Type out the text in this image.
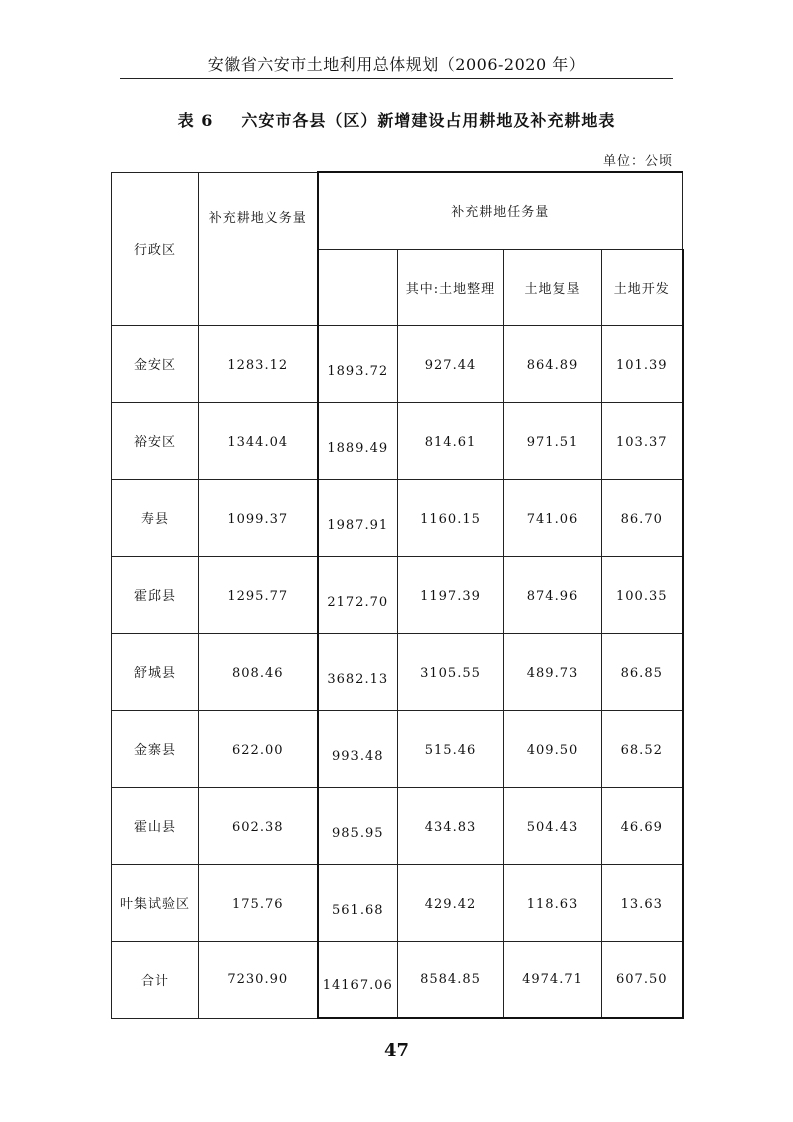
安徽省六安市土地利用总体规划（2006-2020 年）
表 6 六安市各县（区）新增建设占用耕地及补充耕地表
单位：公顷
行政区	补充耕地义务量	补充耕地任务量			
			其中:土地整理	土地复垦	土地开发
金安区	1283.12	1893.72	927.44	864.89	101.39
裕安区	1344.04	1889.49	814.61	971.51	103.37
寿县	1099.37	1987.91	1160.15	741.06	86.70
霍邱县	1295.77	2172.70	1197.39	874.96	100.35
舒城县	808.46	3682.13	3105.55	489.73	86.85
金寨县	622.00	993.48	515.46	409.50	68.52
霍山县	602.38	985.95	434.83	504.43	46.69
叶集试验区	175.76	561.68	429.42	118.63	13.63
合计	7230.90	14167.06	8584.85	4974.71	607.50
47
